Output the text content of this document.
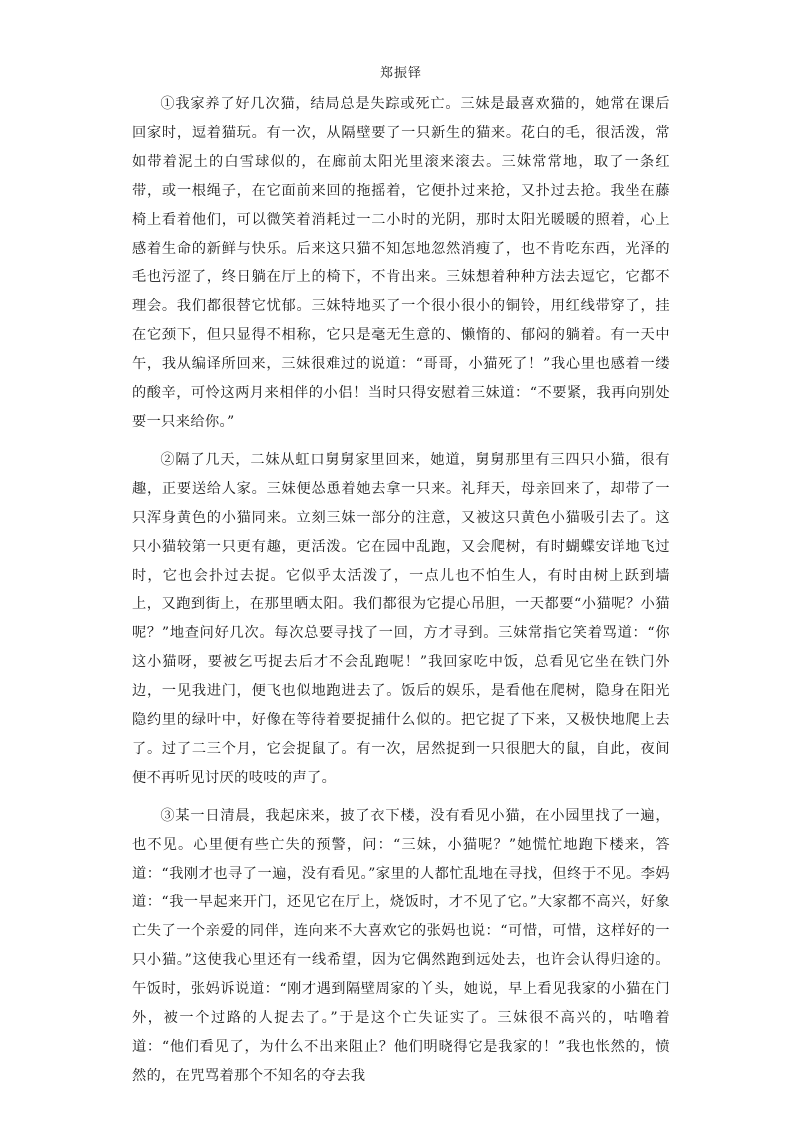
郑振铎

①我家养了好几次猫，结局总是失踪或死亡。三妹是最喜欢猫的，她常在课后回家时，逗着猫玩。有一次，从隔壁要了一只新生的猫来。花白的毛，很活泼，常如带着泥土的白雪球似的，在廊前太阳光里滚来滚去。三妹常常地，取了一条红带，或一根绳子，在它面前来回的拖摇着，它便扑过来抢，又扑过去抢。我坐在藤椅上看着他们，可以微笑着消耗过一二小时的光阴，那时太阳光暖暖的照着，心上感着生命的新鲜与快乐。后来这只猫不知怎地忽然消瘦了，也不肯吃东西，光泽的毛也污涩了，终日躺在厅上的椅下，不肯出来。三妹想着种种方法去逗它，它都不理会。我们都很替它忧郁。三妹特地买了一个很小很小的铜铃，用红线带穿了，挂在它颈下，但只显得不相称，它只是毫无生意的、懒惰的、郁闷的躺着。有一天中午，我从编译所回来，三妹很难过的说道：“哥哥，小猫死了！”我心里也感着一缕的酸辛，可怜这两月来相伴的小侣！当时只得安慰着三妹道：“不要紧，我再向别处要一只来给你。”

②隔了几天，二妹从虹口舅舅家里回来，她道，舅舅那里有三四只小猫，很有趣，正要送给人家。三妹便怂恿着她去拿一只来。礼拜天，母亲回来了，却带了一只浑身黄色的小猫同来。立刻三妹一部分的注意，又被这只黄色小猫吸引去了。这只小猫较第一只更有趣，更活泼。它在园中乱跑，又会爬树，有时蝴蝶安详地飞过时，它也会扑过去捉。它似乎太活泼了，一点儿也不怕生人，有时由树上跃到墙上，又跑到街上，在那里晒太阳。我们都很为它提心吊胆，一天都要“小猫呢？小猫呢？”地查问好几次。每次总要寻找了一回，方才寻到。三妹常指它笑着骂道：“你这小猫呀，要被乞丐捉去后才不会乱跑呢！”我回家吃中饭，总看见它坐在铁门外边，一见我进门，便飞也似地跑进去了。饭后的娱乐，是看他在爬树，隐身在阳光隐约里的绿叶中，好像在等待着要捉捕什么似的。把它捉了下来，又极快地爬上去了。过了二三个月，它会捉鼠了。有一次，居然捉到一只很肥大的鼠，自此，夜间便不再听见讨厌的吱吱的声了。

③某一日清晨，我起床来，披了衣下楼，没有看见小猫，在小园里找了一遍，也不见。心里便有些亡失的预警，问：“三妹，小猫呢？”她慌忙地跑下楼来，答道：“我刚才也寻了一遍，没有看见。”家里的人都忙乱地在寻找，但终于不见。李妈道：“我一早起来开门，还见它在厅上，烧饭时，才不见了它。”大家都不高兴，好象亡失了一个亲爱的同伴，连向来不大喜欢它的张妈也说：“可惜，可惜，这样好的一只小猫。”这使我心里还有一线希望，因为它偶然跑到远处去，也许会认得归途的。午饭时，张妈诉说道：“刚才遇到隔壁周家的丫头，她说，早上看见我家的小猫在门外，被一个过路的人捉去了。”于是这个亡失证实了。三妹很不高兴的，咕噜着道：“他们看见了，为什么不出来阻止？他们明晓得它是我家的！”我也怅然的，愤然的，在咒骂着那个不知名的夺去我
